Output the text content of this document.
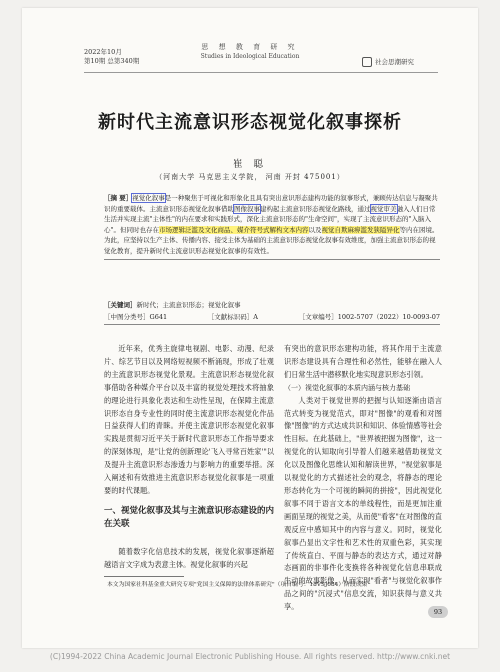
2022年10月
第10期 总第340期
思 想 教 育 研 究
Studies in Ideological Education
社会思潮研究
新时代主流意识形态视觉化叙事探析
崔 聪
（河南大学 马克思主义学院， 河南 开封 475001）
［摘 要］视觉化叙事是一种聚焦于可视化和形象化且具有突出意识形态建构功能的叙事形式，兼顾传达信息与凝聚共识的重要载体。主流意识形态视觉化叙事借助图像叙事建构起主流意识形态视觉化路线，通过视觉审美融入人们日常生活并实现主流"主体性"的内在要求和实践形式，深化主流意识形态的"生命空间"，实现了主流意识形态的"入脑入心"。但同时也存在市场逻辑泛滥及文化商品、媒介符号式解构文本内容以及视觉自欺麻痹滥发狭隘异化等内在困境。为此，应坚持以生产主体、传播内容、接受主体为基础的主流意识形态视觉化叙事有效维度，加强主流意识形态的视觉化教育，提升新时代主流意识形态视觉化叙事的有效性。
［关键词］新时代；主流意识形态；视觉化叙事
［中图分类号］G641	［文献标识码］A	［文章编号］1002-5707（2022）10-0093-07
近年来，优秀主旋律电视剧、电影、动漫、纪录片、综艺节目以及网络短视频不断涌现，形成了壮观的主流意识形态视觉化景观。主流意识形态视觉化叙事借助各种媒介平台以及丰富的视觉处理技术将抽象的理论进行具象化表达和生动性呈现，在保障主流意识形态自身专业性的同时使主流意识形态视觉化作品日益获得人们的青睐。并使主流意识形态视觉化叙事实践是贯彻习近平关于新时代意识形态工作指导要求的深刻体现，是"让党的创新理论'飞入寻常百姓家'"以及提升主流意识形态渗透力与影响力的重要举措。深入阐述和有效推进主流意识形态视觉化叙事是一项重要的时代课题。
一、视觉化叙事及其与主流意识形态建设的内在关联
随着数字化信息技术的发展，视觉化叙事逐渐超越语言文字成为表意主体。视觉化叙事的兴起
有突出的意识形态建构功能，将其作用于主流意识形态建设具有合理性和必然性，能够在融入人们日常生活中潜移默化地实现意识形态引领。
（一）视觉化叙事的本质内涵与核力基础
人类对于视觉世界的把握与认知逐渐由语言范式转变为视觉范式，即对"图像"的观看和对图像"图像"的方式达成共识和知识、体验情感等社会性目标。在此基础上，"世界被把握为图像"，这一视觉化的认知取向引导着人们越来越借助视觉文化以及图像化思维认知和解读世界，"视觉叙事是以视觉化的方式描述社会的观念，将静态的理论形态转化为一个可视的瞬间的拼接"，因此视觉化叙事不同于语言文本的单线程性，而是更加注重画面呈现的视觉之美，从而使"看客"在对图像的直观反应中感知其中的内容与意义。同时，视觉化叙事凸显出文字性和艺术性的双重色彩，其实现了传统直白、平面与静态的表达方式，通过对静态画面的非事件化变换将各种视觉化信息串联成生动的故事影像，从而实现"看者"与视觉化叙事作品之间的"沉浸式"信息交流，知识获得与意义共享。
本文为国家社科基金重大研究专项"党国主义保障的法律体系研究"（项目编号：18VSJ084）阶段成果
93
(C)1994-2022 China Academic Journal Electronic Publishing House. All rights reserved. http://www.cnki.net
